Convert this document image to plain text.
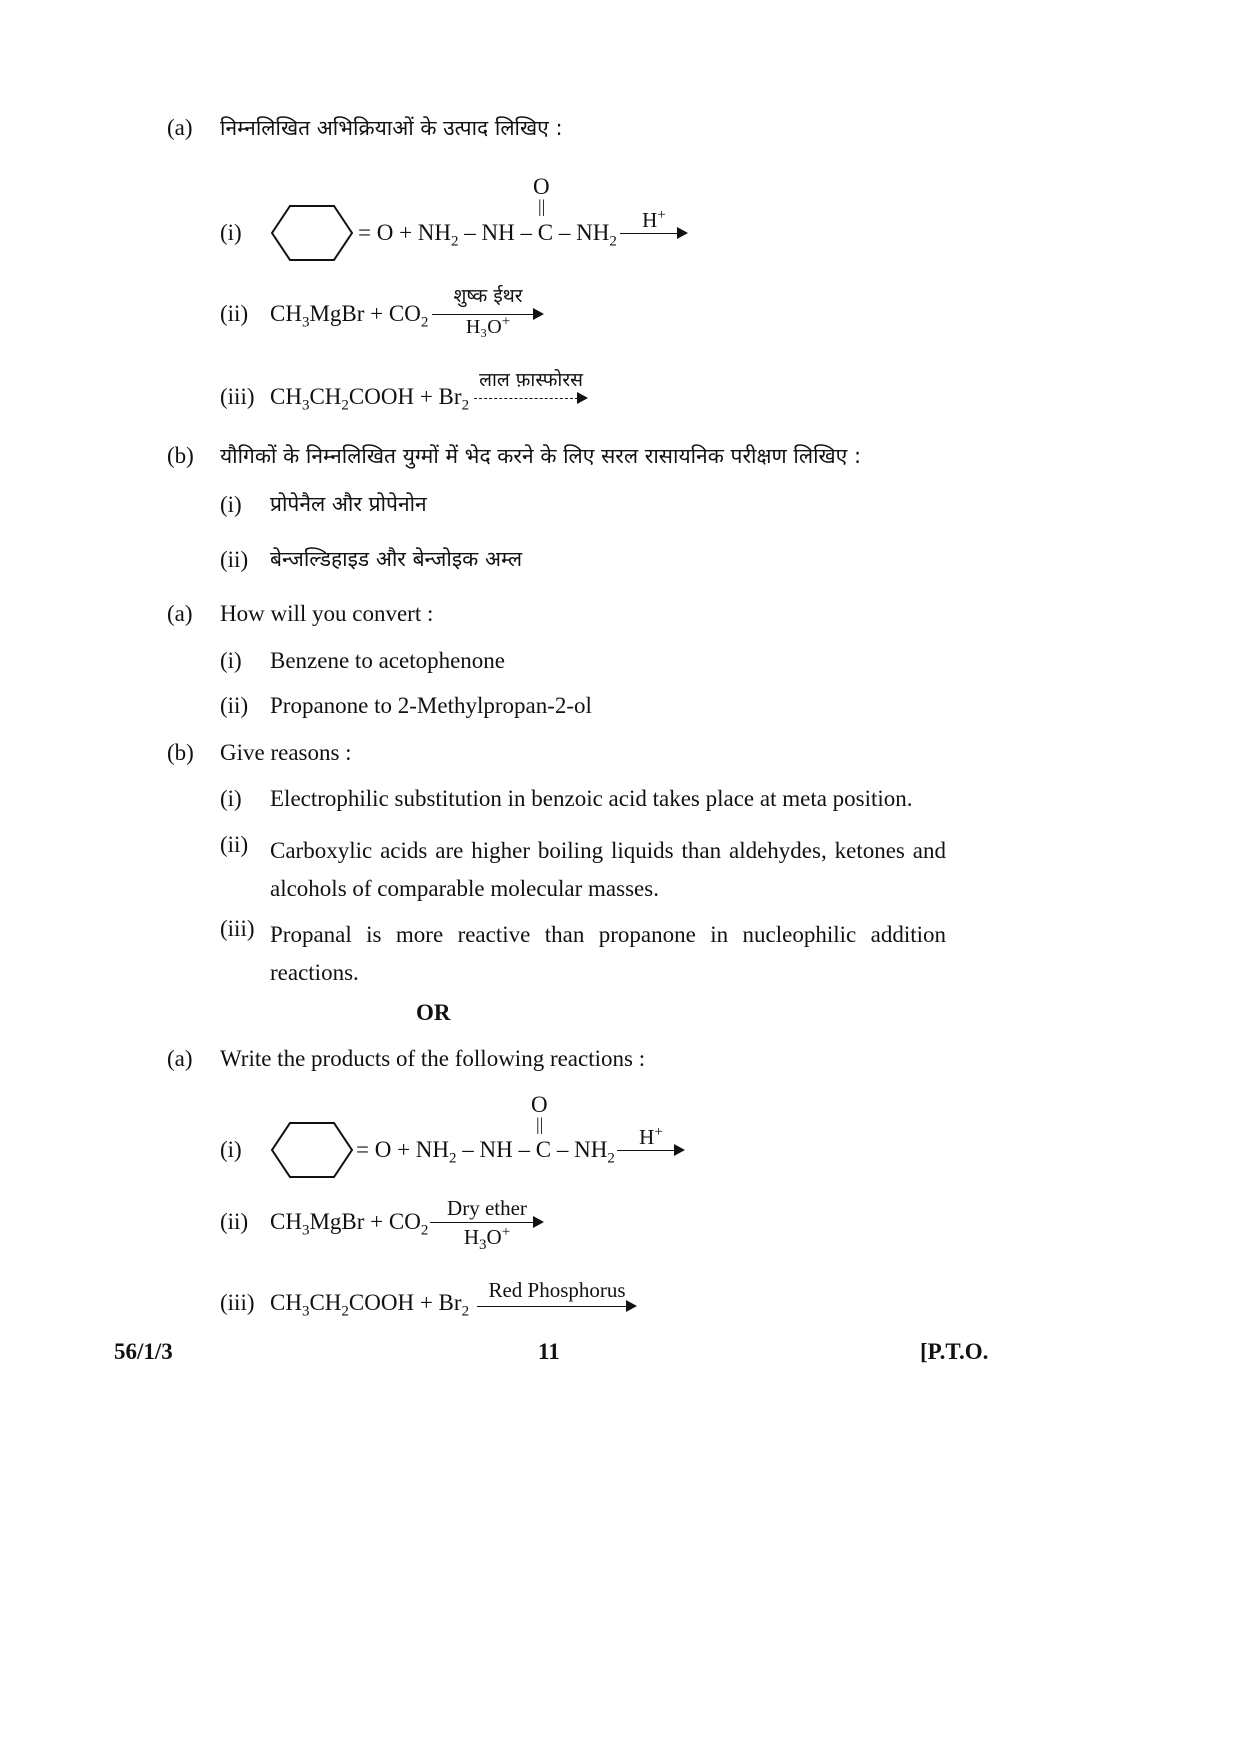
(a) निम्नलिखित अभिक्रियाओं के उत्पाद लिखिए :
(i)
O
||
= $O + NH_2$ – NH – C – $NH_2$
H+
(ii) $CH_3MgBr + CO_2$
शुष्क ईथर
H₃O+
(iii) $CH_3CH_2COOH + Br_2$
लाल फ़ास्फोरस
(b) यौगिकों के निम्नलिखित युग्मों में भेद करने के लिए सरल रासायनिक परीक्षण लिखिए :
(i) प्रोपेनैल और प्रोपेनोन
(ii) बेन्जल्डिहाइड और बेन्जोइक अम्ल
(a) How will you convert :
(i) Benzene to acetophenone
(ii) Propanone to 2-Methylpropan-2-ol
(b) Give reasons :
(i) Electrophilic substitution in benzoic acid takes place at meta position.
(ii) Carboxylic acids are higher boiling liquids than aldehydes, ketones and alcohols of comparable molecular masses.
(iii) Propanal is more reactive than propanone in nucleophilic addition reactions.
OR
(a) Write the products of the following reactions :
(i)
O
||
= $O + NH_2$ – NH – C – $NH_2$
H+
(ii) $CH_3MgBr + CO_2$
Dry ether
$H_3O^+$
(iii) $CH_3CH_2COOH + Br_2$
Red Phosphorus
56/1/3	11	[P.T.O.
